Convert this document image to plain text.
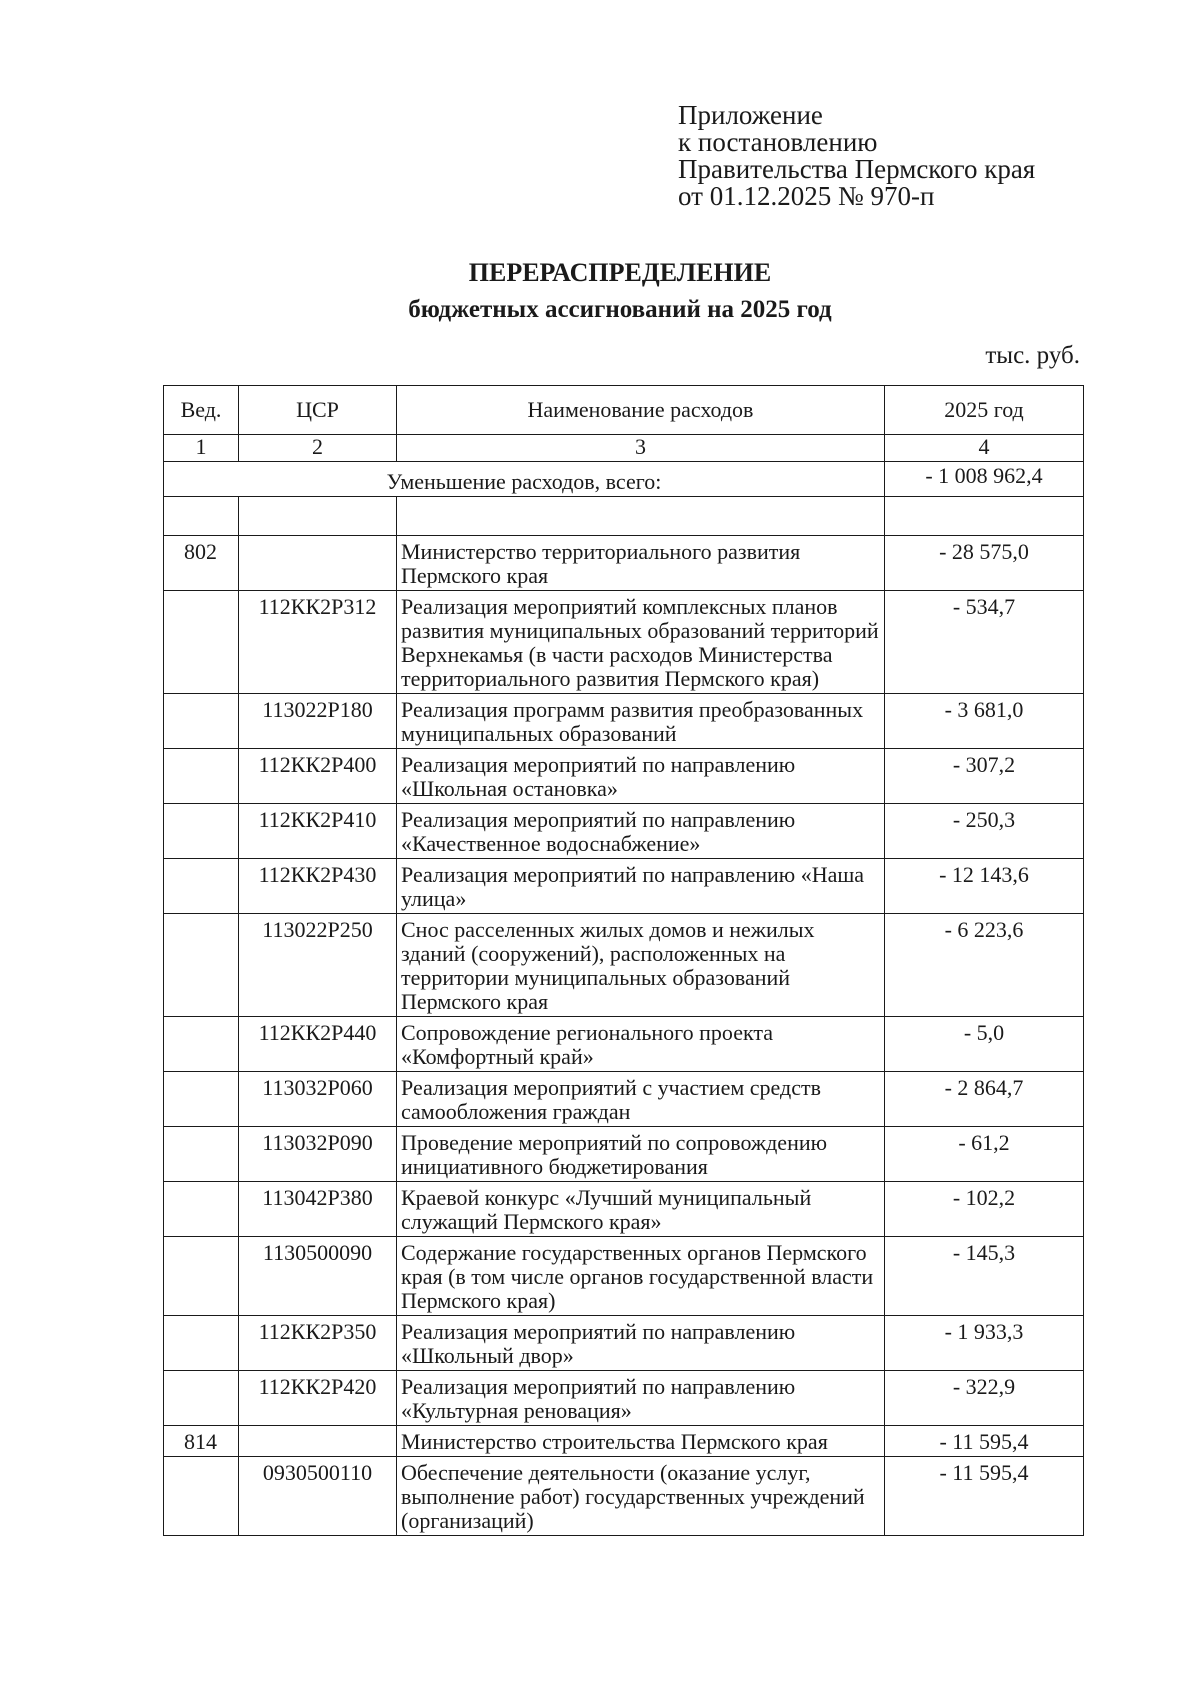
Приложение
к постановлению
Правительства Пермского края
от 01.12.2025 № 970-п
ПЕРЕРАСПРЕДЕЛЕНИЕ
бюджетных ассигнований на 2025 год
тыс. руб.
Вед.	ЦСР	Наименование расходов	2025 год
1	2	3	4
Уменьшение расходов, всего:			- 1 008 962,4

802		Министерство территориального развития Пермского края	- 28 575,0
	112КК2Р312	Реализация мероприятий комплексных планов развития муниципальных образований территорий Верхнекамья (в части расходов Министерства территориального развития Пермского края)	- 534,7
	113022Р180	Реализация программ развития преобразованных муниципальных образований	- 3 681,0
	112КК2Р400	Реализация мероприятий по направлению «Школьная остановка»	- 307,2
	112КК2Р410	Реализация мероприятий по направлению «Качественное водоснабжение»	- 250,3
	112КК2Р430	Реализация мероприятий по направлению «Наша улица»	- 12 143,6
	113022Р250	Снос расселенных жилых домов и нежилых зданий (сооружений), расположенных на территории муниципальных образований Пермского края	- 6 223,6
	112КК2Р440	Сопровождение регионального проекта «Комфортный край»	- 5,0
	113032Р060	Реализация мероприятий с участием средств самообложения граждан	- 2 864,7
	113032Р090	Проведение мероприятий по сопровождению инициативного бюджетирования	- 61,2
	113042Р380	Краевой конкурс «Лучший муниципальный служащий Пермского края»	- 102,2
	1130500090	Содержание государственных органов Пермского края (в том числе органов государственной власти Пермского края)	- 145,3
	112КК2Р350	Реализация мероприятий по направлению «Школьный двор»	- 1 933,3
	112КК2Р420	Реализация мероприятий по направлению «Культурная реновация»	- 322,9
814		Министерство строительства Пермского края	- 11 595,4
	0930500110	Обеспечение деятельности (оказание услуг, выполнение работ) государственных учреждений (организаций)	- 11 595,4
